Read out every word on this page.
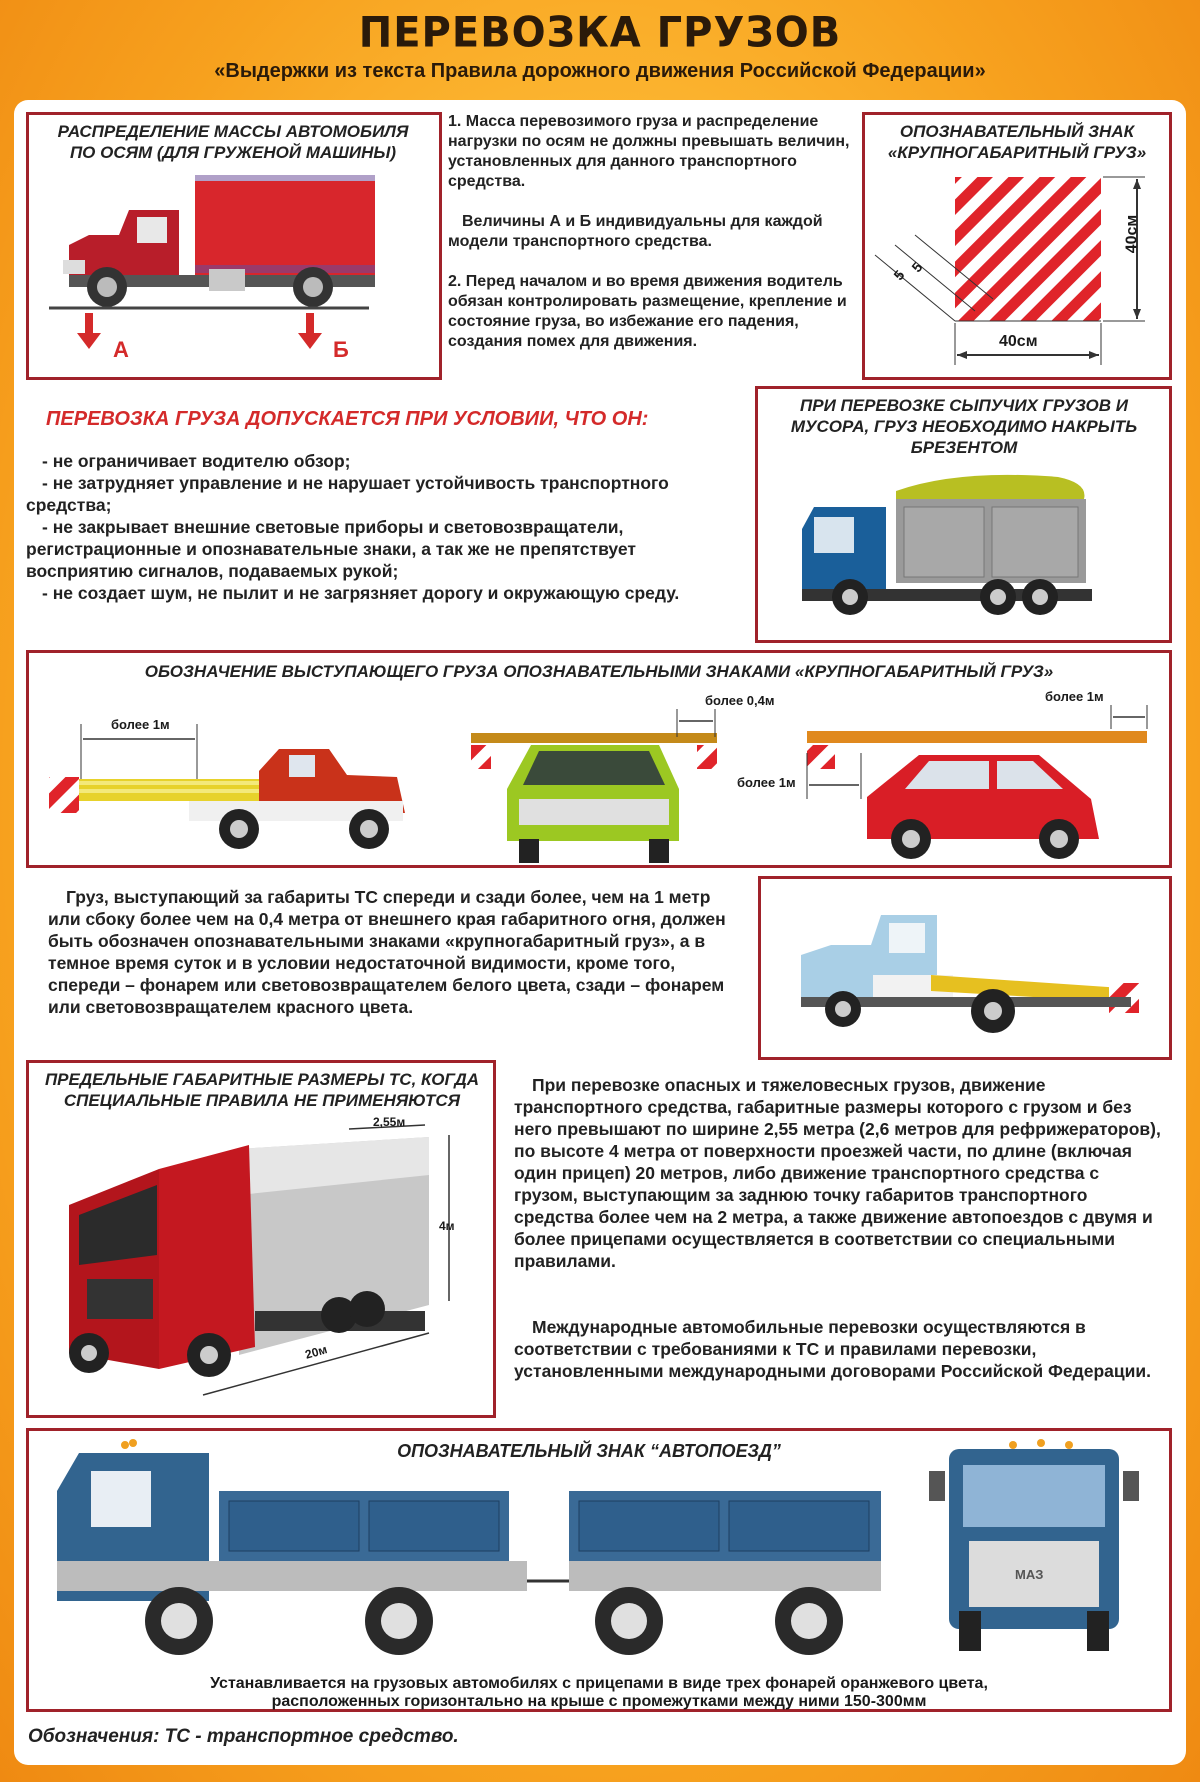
ПЕРЕВОЗКА ГРУЗОВ
«Выдержки из текста Правила дорожного движения Российской Федерации»
РАСПРЕДЕЛЕНИЕ МАССЫ АВТОМОБИЛЯ ПО ОСЯМ (ДЛЯ ГРУЖЕНОЙ МАШИНЫ)
А	Б

1. Масса перевозимого груза и распределение нагрузки по осям не должны превышать величин, установленных для данного транспортного средства.

Величины А и Б индивидуальны для каждой модели транспортного средства.

2. Перед началом и во время движения водитель обязан контролировать размещение, крепление и состояние груза, во избежание его падения, создания помех для движения.

ОПОЗНАВАТЕЛЬНЫЙ ЗНАК «КРУПНОГАБАРИТНЫЙ ГРУЗ»
40см
40см
5 5
ПЕРЕВОЗКА ГРУЗА ДОПУСКАЕТСЯ ПРИ УСЛОВИИ, ЧТО ОН:

- не ограничивает водителю обзор;

- не затрудняет управление и не нарушает устойчивость транспортного средства;

- не закрывает внешние световые приборы и световозвращатели, регистрационные и опознавательные знаки, а так же не препятствует восприятию сигналов, подаваемых рукой;

- не создает шум, не пылит и не загрязняет дорогу и окружающую среду.

ПРИ ПЕРЕВОЗКЕ СЫПУЧИХ ГРУЗОВ И МУСОРА, ГРУЗ НЕОБХОДИМО НАКРЫТЬ БРЕЗЕНТОМ
ОБОЗНАЧЕНИЕ ВЫСТУПАЮЩЕГО ГРУЗА ОПОЗНАВАТЕЛЬНЫМИ ЗНАКАМИ «КРУПНОГАБАРИТНЫЙ ГРУЗ»
более 1м
более 0,4м	более 1м
более 1м
Груз, выступающий за габариты ТС спереди и сзади более, чем на 1 метр или сбоку более чем на 0,4 метра от внешнего края габаритного огня, должен быть обозначен опознавательными знаками «крупногабаритный груз», а в темное время суток и в условии недостаточной видимости, кроме того, спереди – фонарем или световозвращателем белого цвета, сзади – фонарем или световозвращателем красного цвета.
ПРЕДЕЛЬНЫЕ ГАБАРИТНЫЕ РАЗМЕРЫ ТС, КОГДА СПЕЦИАЛЬНЫЕ ПРАВИЛА НЕ ПРИМЕНЯЮТСЯ
2,55м
4м
20м
При перевозке опасных и тяжеловесных грузов, движение транспортного средства, габаритные размеры которого с грузом и без него превышают по ширине 2,55 метра (2,6 метров для рефрижераторов), по высоте 4 метра от поверхности проезжей части, по длине (включая один прицеп) 20 метров, либо движение транспортного средства с грузом, выступающим за заднюю точку габаритов транспортного средства более чем на 2 метра, а также движение автопоездов с двумя и более прицепами осуществляется в соответствии со специальными правилами.
Международные автомобильные перевозки осуществляются в соответствии с требованиями к ТС и правилами перевозки, установленными международными договорами Российской Федерации.
ОПОЗНАВАТЕЛЬНЫЙ ЗНАК “АВТОПОЕЗД”
МАЗ
Устанавливается на грузовых автомобилях с прицепами в виде трех фонарей оранжевого цвета,
расположенных горизонтально на крыше с промежутками между ними 150-300мм
Обозначения: ТС - транспортное средство.
